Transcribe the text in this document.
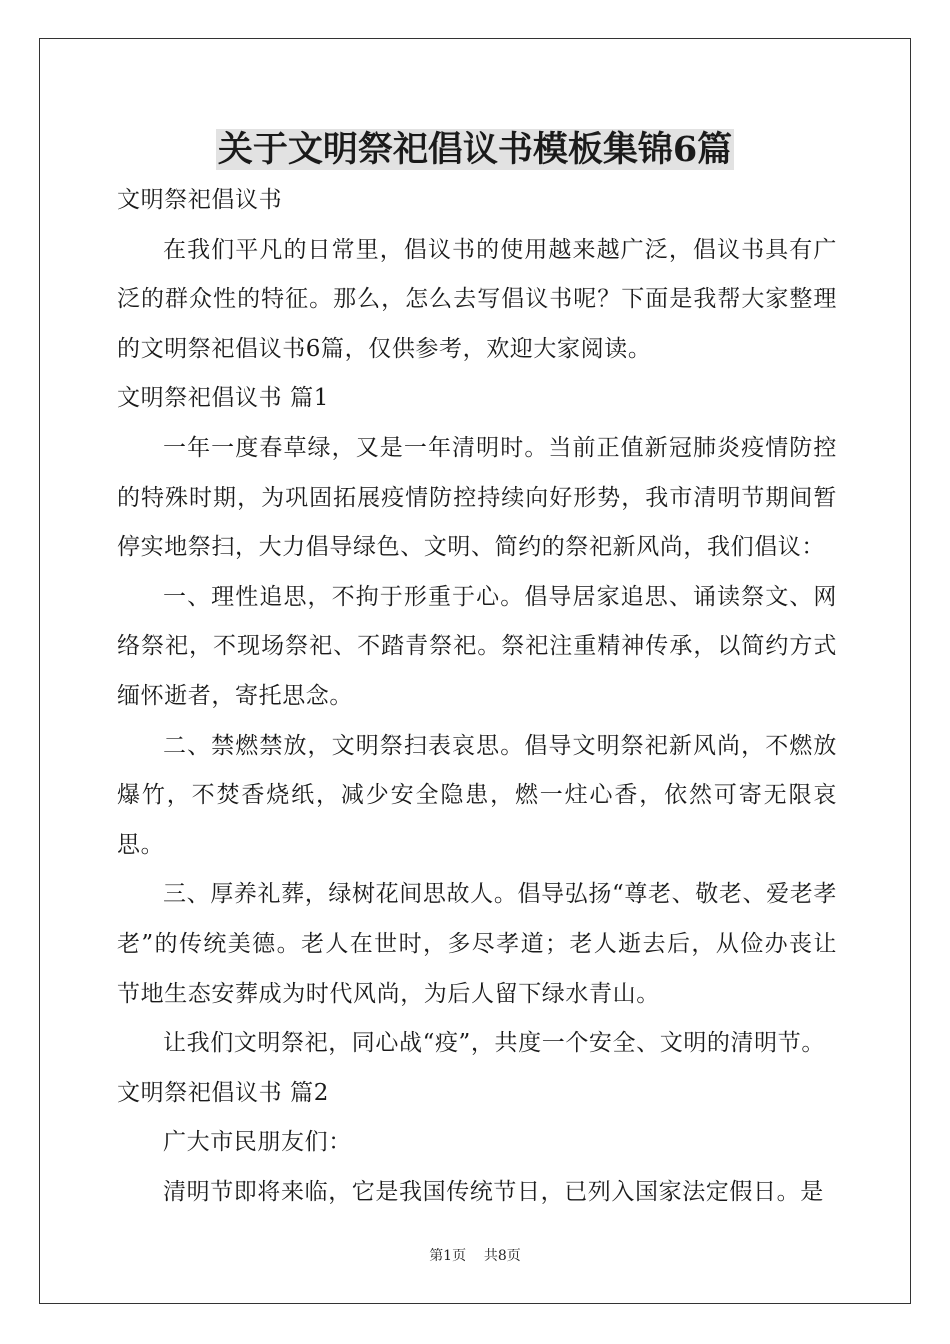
关于文明祭祀倡议书模板集锦6篇

文明祭祀倡议书

在我们平凡的日常里，倡议书的使用越来越广泛，倡议书具有广泛的群众性的特征。那么，怎么去写倡议书呢？下面是我帮大家整理的文明祭祀倡议书6篇，仅供参考，欢迎大家阅读。

文明祭祀倡议书 篇1

一年一度春草绿，又是一年清明时。当前正值新冠肺炎疫情防控的特殊时期，为巩固拓展疫情防控持续向好形势，我市清明节期间暂停实地祭扫，大力倡导绿色、文明、简约的祭祀新风尚，我们倡议：

一、理性追思，不拘于形重于心。倡导居家追思、诵读祭文、网络祭祀，不现场祭祀、不踏青祭祀。祭祀注重精神传承，以简约方式缅怀逝者，寄托思念。

二、禁燃禁放，文明祭扫表哀思。倡导文明祭祀新风尚，不燃放爆竹，不焚香烧纸，减少安全隐患，燃一炷心香，依然可寄无限哀思。

三、厚养礼葬，绿树花间思故人。倡导弘扬“尊老、敬老、爱老孝老”的传统美德。老人在世时，多尽孝道；老人逝去后，从俭办丧让节地生态安葬成为时代风尚，为后人留下绿水青山。

让我们文明祭祀，同心战“疫”，共度一个安全、文明的清明节。

文明祭祀倡议书 篇2

广大市民朋友们：

清明节即将来临，它是我国传统节日，已列入国家法定假日。是

第1页    共8页
